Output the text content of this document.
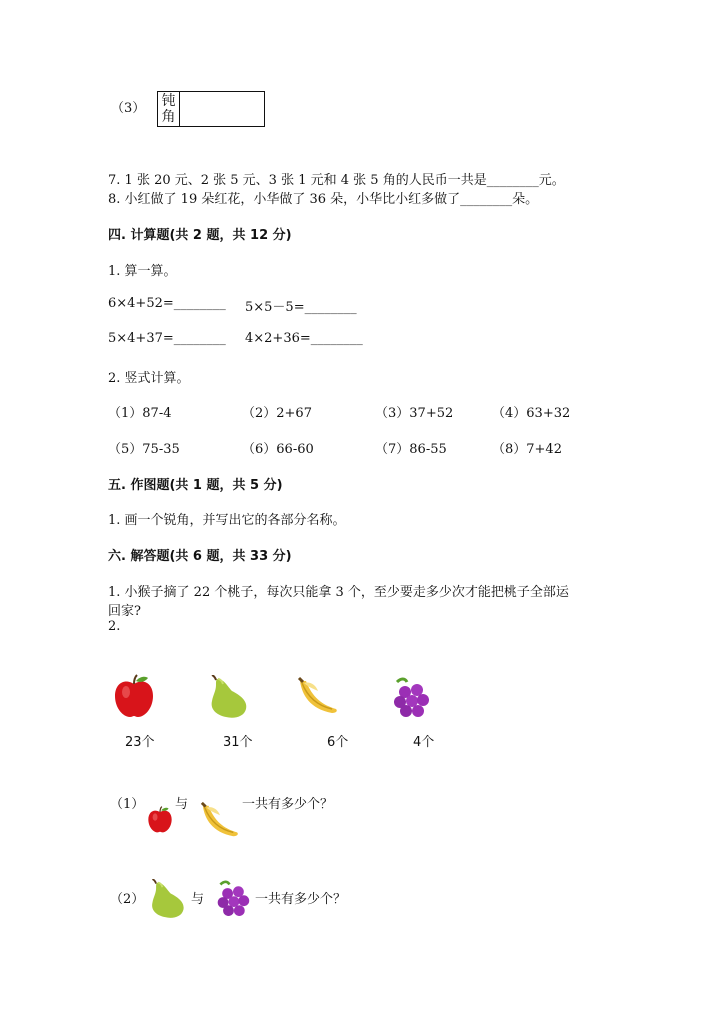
（3） 钝
角
7. 1 张 20 元、2 张 5 元、3 张 1 元和 4 张 5 角的人民币一共是________元。
8. 小红做了 19 朵红花，小华做了 36 朵，小华比小红多做了________朵。
四. 计算题(共 2 题，共 12 分)
1. 算一算。
6×4+52=________ 5×5－5=________
5×4+37=________ 4×2+36=________
2. 竖式计算。
（1）87-4	（2）2+67	（3）37+52	（4）63+32
（5）75-35	（6）66-60	（7）86-55	（8）7+42
五. 作图题(共 1 题，共 5 分)
1. 画一个锐角，并写出它的各部分名称。
六. 解答题(共 6 题，共 33 分)
1. 小猴子摘了 22 个桃子，每次只能拿 3 个，至少要走多少次才能把桃子全部运
回家?
2.
23个	31个	6个	4个
（1） 与	一共有多少个？
（2）	与	一共有多少个？
